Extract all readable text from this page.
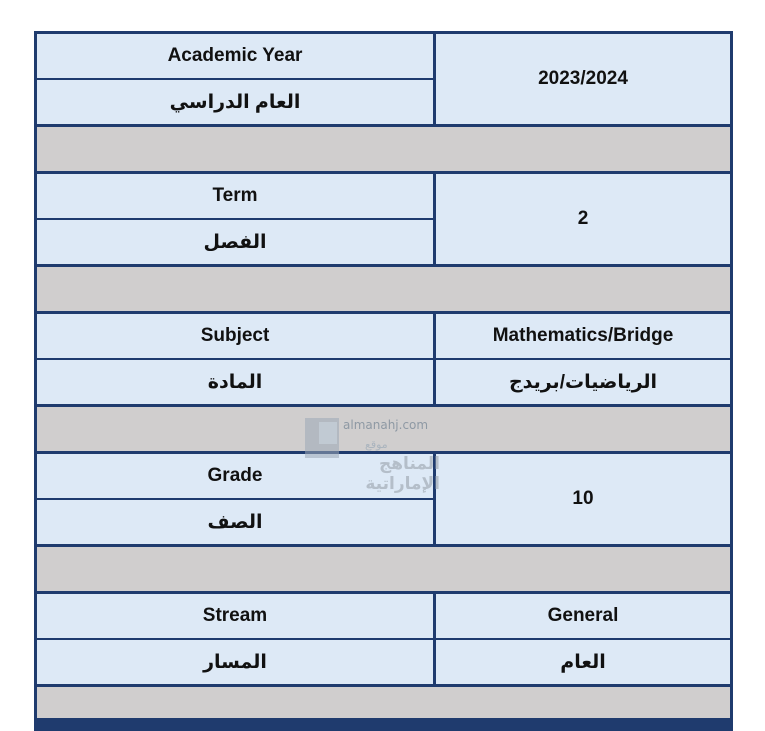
Academic Year
العام الدراسي
2023/2024
Term
الفصل
2
Subject
المادة
Mathematics/Bridge
الرياضيات/بريدج
Grade
الصف
10
Stream
المسار
General
العام
almanahj.com
موقع
المناهج الإماراتية
